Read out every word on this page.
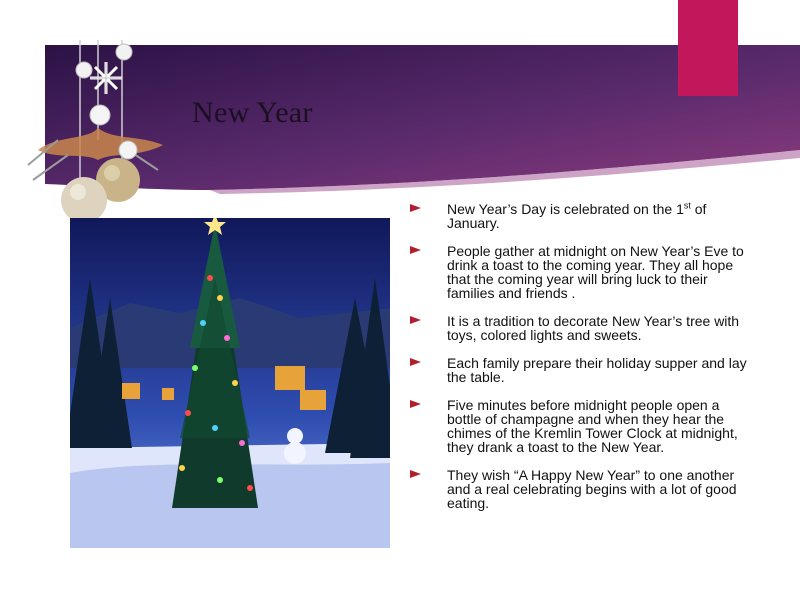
New Year
New Year’s Day is celebrated on the 1st of January.
People gather at midnight on New Year’s Eve to drink a toast to the coming year. They all hope that the coming year will bring luck to their families and friends .
It is a tradition to decorate New Year’s tree with toys, colored lights and sweets.
Each family prepare their holiday supper and lay the table.
Five minutes before midnight people open a bottle of champagne and when they hear the chimes of the Kremlin Tower Clock at midnight, they drank a toast to the New Year.
They wish “A Happy New Year” to one another and a real celebrating begins with a lot of good eating.
